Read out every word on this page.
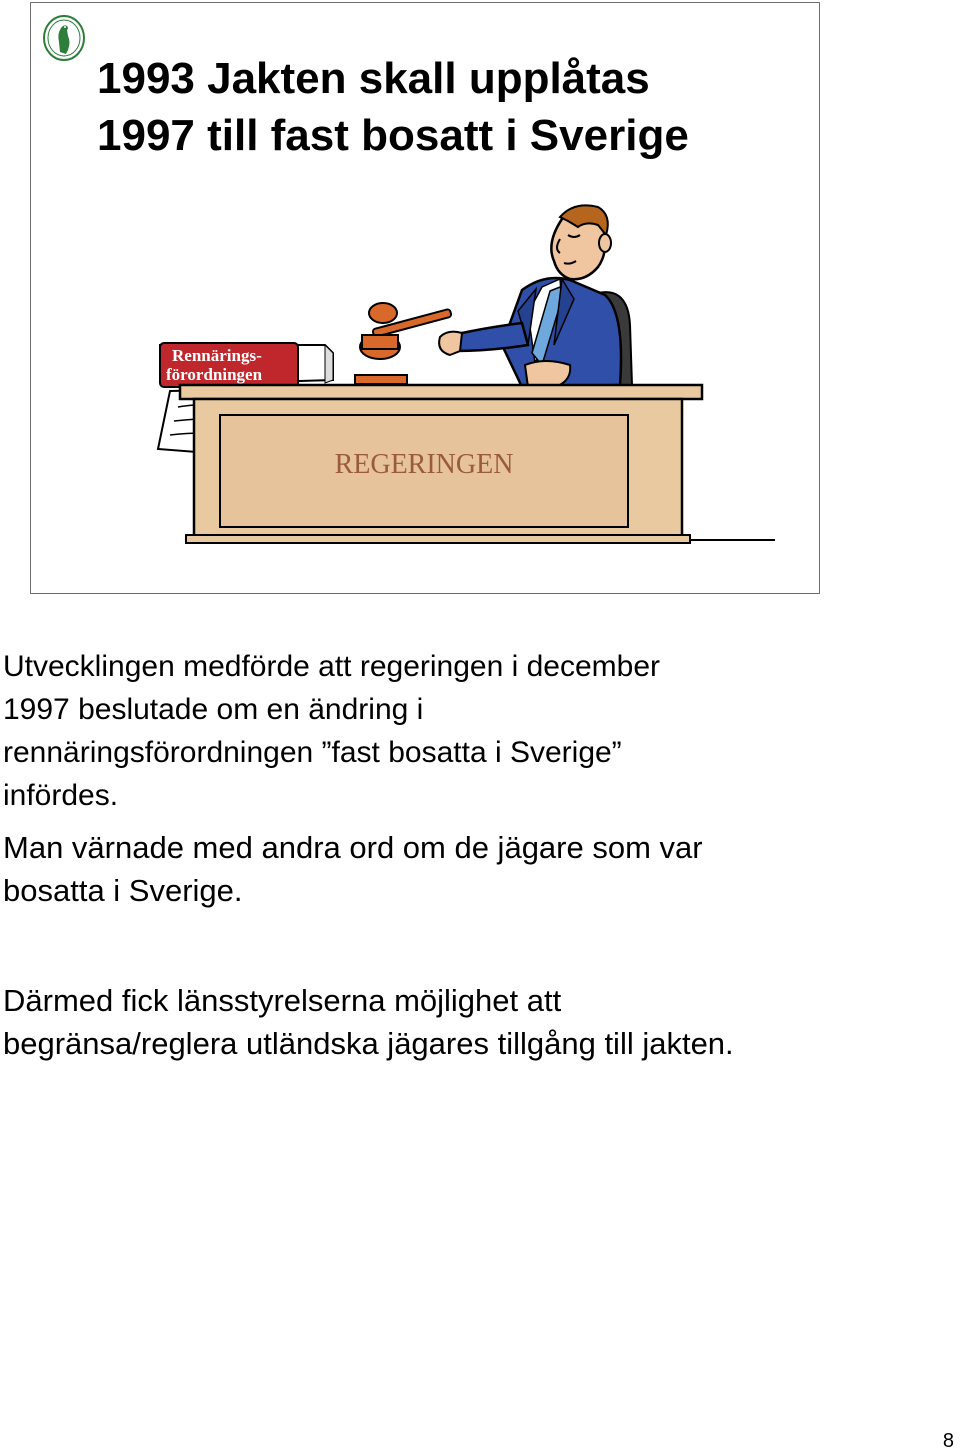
1993 Jakten skall upplåtas
1997 till fast bosatt i Sverige
Rennärings-
förordningen
REGERINGEN

Utvecklingen medförde att regeringen i december
1997 beslutade om en ändring i
rennäringsförordningen ”fast bosatta i Sverige”
infördes.

Man värnade med andra ord om de jägare som var
bosatta i Sverige.

Därmed fick länsstyrelserna möjlighet att
begränsa/reglera utländska jägares tillgång till jakten.

8
